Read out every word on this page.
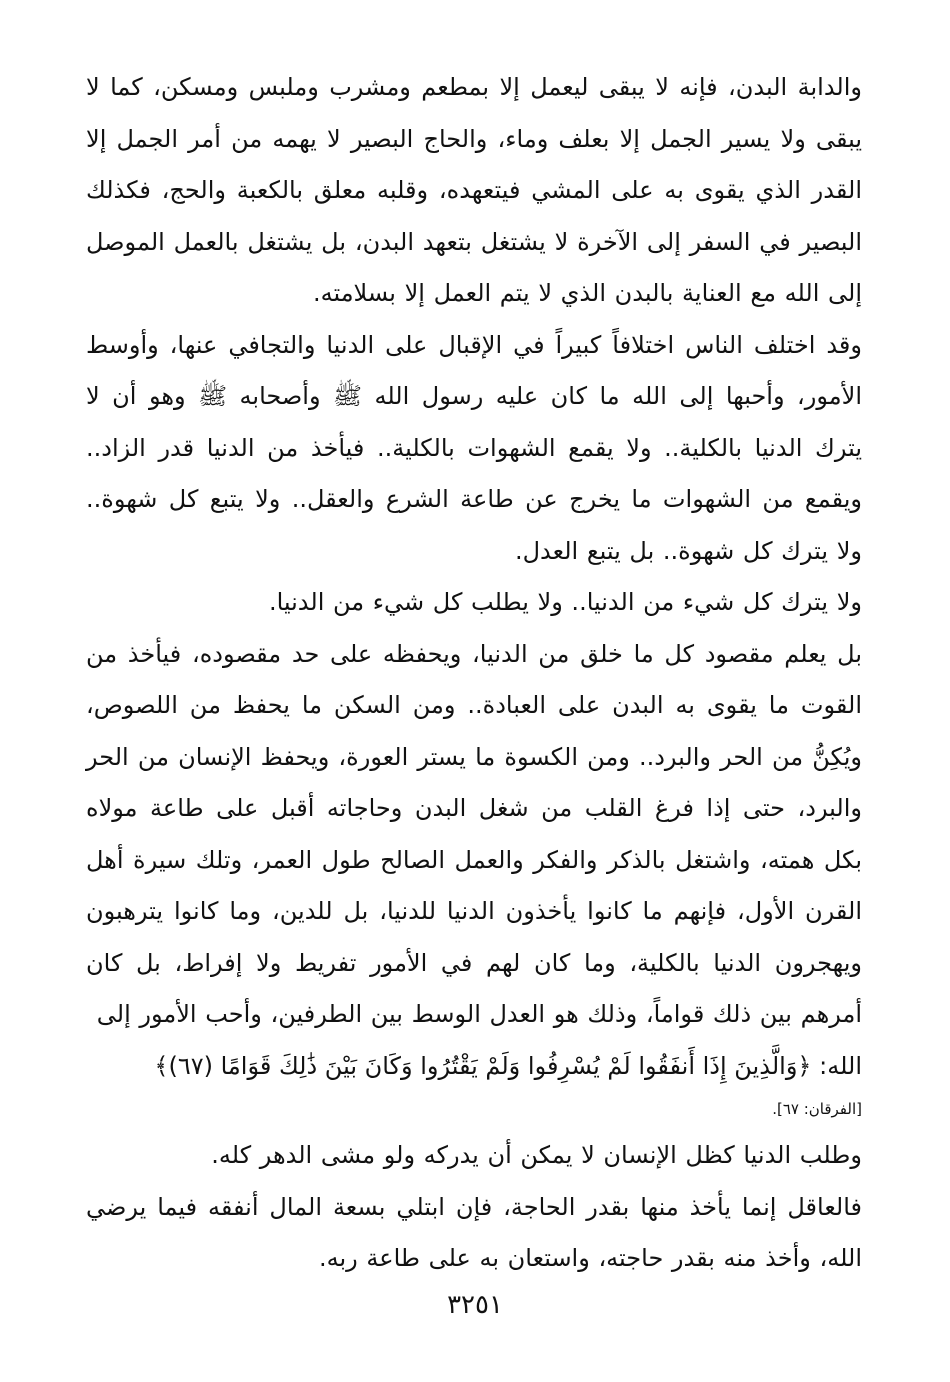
والدابة البدن، فإنه لا يبقى ليعمل إلا بمطعم ومشرب وملبس ومسكن، كما لا يبقى ولا يسير الجمل إلا بعلف وماء، والحاج البصير لا يهمه من أمر الجمل إلا القدر الذي يقوى به على المشي فيتعهده، وقلبه معلق بالكعبة والحج، فكذلك البصير في السفر إلى الآخرة لا يشتغل بتعهد البدن، بل يشتغل بالعمل الموصل إلى الله مع العناية بالبدن الذي لا يتم العمل إلا بسلامته.

وقد اختلف الناس اختلافاً كبيراً في الإقبال على الدنيا والتجافي عنها، وأوسط الأمور، وأحبها إلى الله ما كان عليه رسول الله ﷺ وأصحابه ﷺ وهو أن لا يترك الدنيا بالكلية.. ولا يقمع الشهوات بالكلية.. فيأخذ من الدنيا قدر الزاد.. ويقمع من الشهوات ما يخرج عن طاعة الشرع والعقل.. ولا يتبع كل شهوة.. ولا يترك كل شهوة.. بل يتبع العدل.

ولا يترك كل شيء من الدنيا.. ولا يطلب كل شيء من الدنيا.

بل يعلم مقصود كل ما خلق من الدنيا، ويحفظه على حد مقصوده، فيأخذ من القوت ما يقوى به البدن على العبادة.. ومن السكن ما يحفظ من اللصوص، ويُكِنُّ من الحر والبرد.. ومن الكسوة ما يستر العورة، ويحفظ الإنسان من الحر والبرد، حتى إذا فرغ القلب من شغل البدن وحاجاته أقبل على طاعة مولاه بكل همته، واشتغل بالذكر والفكر والعمل الصالح طول العمر، وتلك سيرة أهل القرن الأول، فإنهم ما كانوا يأخذون الدنيا للدنيا، بل للدين، وما كانوا يترهبون ويهجرون الدنيا بالكلية، وما كان لهم في الأمور تفريط ولا إفراط، بل كان أمرهم بين ذلك قواماً، وذلك هو العدل الوسط بين الطرفين، وأحب الأمور إلى

الله: ﴿وَالَّذِينَ إِذَا أَنفَقُوا لَمْ يُسْرِفُوا وَلَمْ يَقْتُرُوا وَكَانَ بَيْنَ ذَٰلِكَ قَوَامًا (٦٧)﴾

[الفرقان: ٦٧].

وطلب الدنيا كظل الإنسان لا يمكن أن يدركه ولو مشى الدهر كله.

فالعاقل إنما يأخذ منها بقدر الحاجة، فإن ابتلي بسعة المال أنفقه فيما يرضي الله، وأخذ منه بقدر حاجته، واستعان به على طاعة ربه.

٣٢٥١
